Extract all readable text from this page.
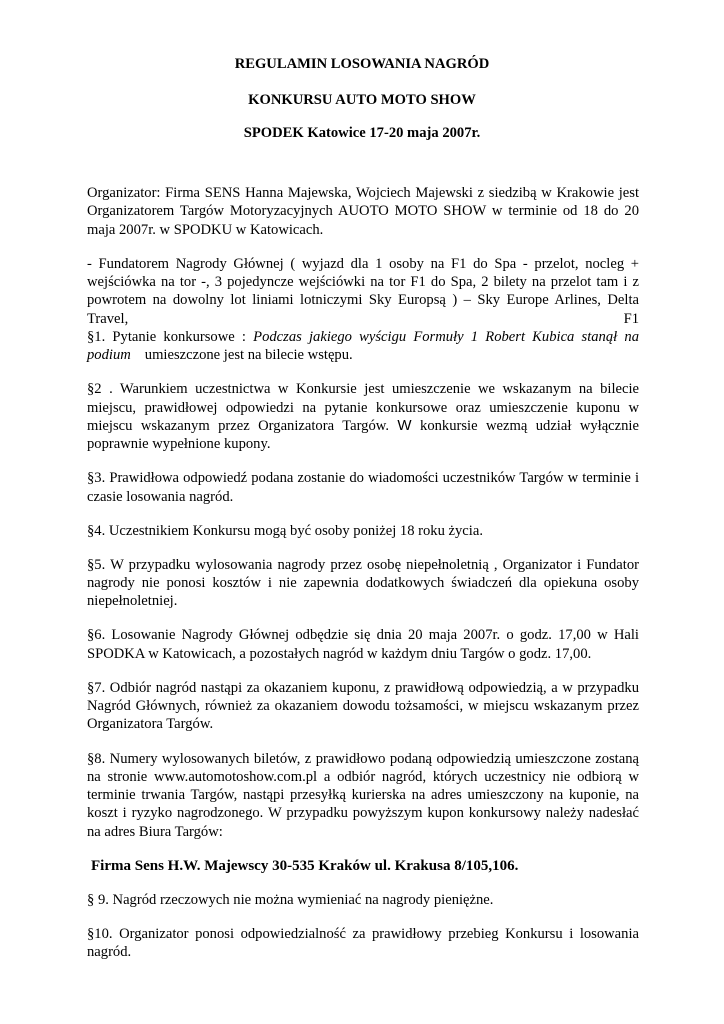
REGULAMIN LOSOWANIA NAGRÓD
KONKURSU AUTO MOTO SHOW
SPODEK Katowice 17-20 maja 2007r.
Organizator: Firma SENS Hanna Majewska, Wojciech Majewski z siedzibą w Krakowie jest
Organizatorem Targów Motoryzacyjnych AUOTO MOTO SHOW w terminie od 18 do 20
maja 2007r. w SPODKU w Katowicach.
- Fundatorem Nagrody Głównej ( wyjazd dla 1 osoby na F1 do Spa - przelot, nocleg +
wejściówka na tor -, 3 pojedyncze wejściówki na tor F1 do Spa, 2 bilety na przelot tam i z
powrotem na dowolny lot liniami lotniczymi Sky Europsą ) – Sky Europe Arlines, Delta
Travel,	F1
§1. Pytanie konkursowe : Podczas jakiego wyścigu Formuły 1 Robert Kubica stanął na
podium umieszczone jest na bilecie wstępu.
§2 . Warunkiem uczestnictwa w Konkursie jest umieszczenie we wskazanym na bilecie
miejscu, prawidłowej odpowiedzi na pytanie konkursowe oraz umieszczenie kuponu w
miejscu wskazanym przez Organizatora Targów. W konkursie wezmą udział wyłącznie
poprawnie wypełnione kupony.
§3. Prawidłowa odpowiedź podana zostanie do wiadomości uczestników Targów w terminie i
czasie losowania nagród.
§4. Uczestnikiem Konkursu mogą być osoby poniżej 18 roku życia.
§5. W przypadku wylosowania nagrody przez osobę niepełnoletnią , Organizator i Fundator
nagrody nie ponosi kosztów i nie zapewnia dodatkowych świadczeń dla opiekuna osoby
niepełnoletniej.
§6. Losowanie Nagrody Głównej odbędzie się dnia 20 maja 2007r. o godz. 17,00 w Hali
SPODKA w Katowicach, a pozostałych nagród w każdym dniu Targów o godz. 17,00.
§7. Odbiór nagród nastąpi za okazaniem kuponu, z prawidłową odpowiedzią, a w przypadku
Nagród Głównych, również za okazaniem dowodu tożsamości, w miejscu wskazanym przez
Organizatora Targów.
§8. Numery wylosowanych biletów, z prawidłowo podaną odpowiedzią umieszczone zostaną
na stronie www.automotoshow.com.pl a odbiór nagród, których uczestnicy nie odbiorą w
terminie trwania Targów, nastąpi przesyłką kurierska na adres umieszczony na kuponie, na
koszt i ryzyko nagrodzonego. W przypadku powyższym kupon konkursowy należy nadesłać
na adres Biura Targów:
Firma Sens H.W. Majewscy 30-535 Kraków ul. Krakusa 8/105,106.
§ 9. Nagród rzeczowych nie można wymieniać na nagrody pieniężne.
§10. Organizator ponosi odpowiedzialność za prawidłowy przebieg Konkursu i losowania
nagród.
